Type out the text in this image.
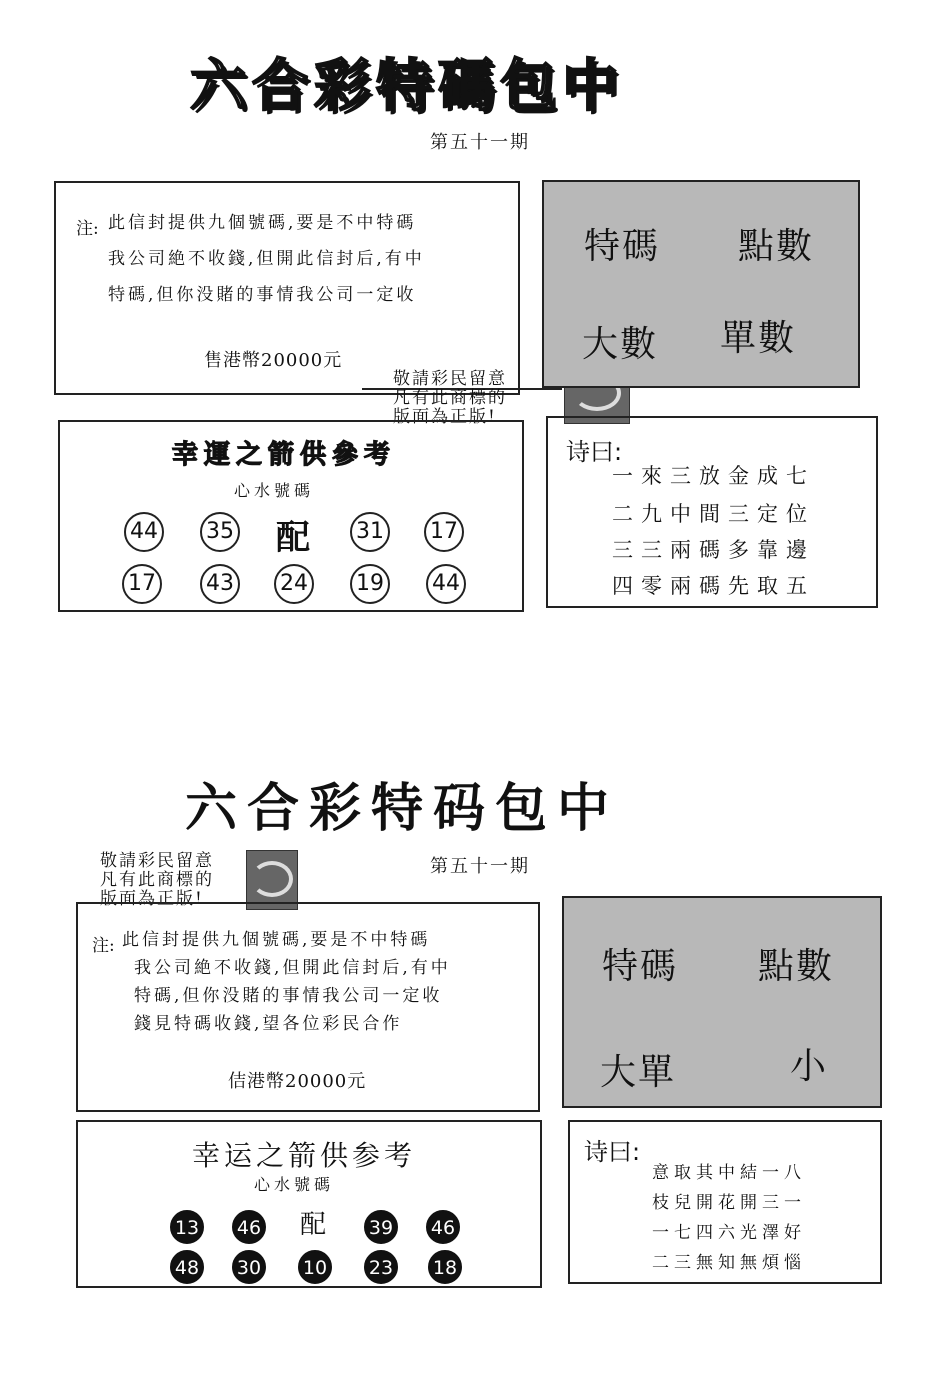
六合彩特碼包中
第五十一期
注: 此信封提供九個號碼,要是不中特碼
我公司絶不收錢,但開此信封后,有中
特碼,但你没賭的事情我公司一定收
售港幣20000元
敬請彩民留意
凡有此商標的
版面為正版!
特碼 點數
大數 單數
幸運之箭供參考
心水號碼
44 35 配 31 17
17 43 24 19 44
诗曰:
一來三放金成七
二九中間三定位
三三兩碼多靠邊
四零兩碼先取五
六合彩特码包中
第五十一期
敬請彩民留意
凡有此商標的
版面為正版!
注: 此信封提供九個號碼,要是不中特碼
我公司絶不收錢,但開此信封后,有中
特碼,但你没賭的事情我公司一定收
錢見特碼收錢,望各位彩民合作
佶港幣20000元
特碼 點數
大單	小
幸运之箭供参考
心水號碼
13 46 配 39 46
48 30 10 23 18
诗曰:
意取其中結一八
枝兒開花開三一
一七四六光澤好
二三無知無煩惱
